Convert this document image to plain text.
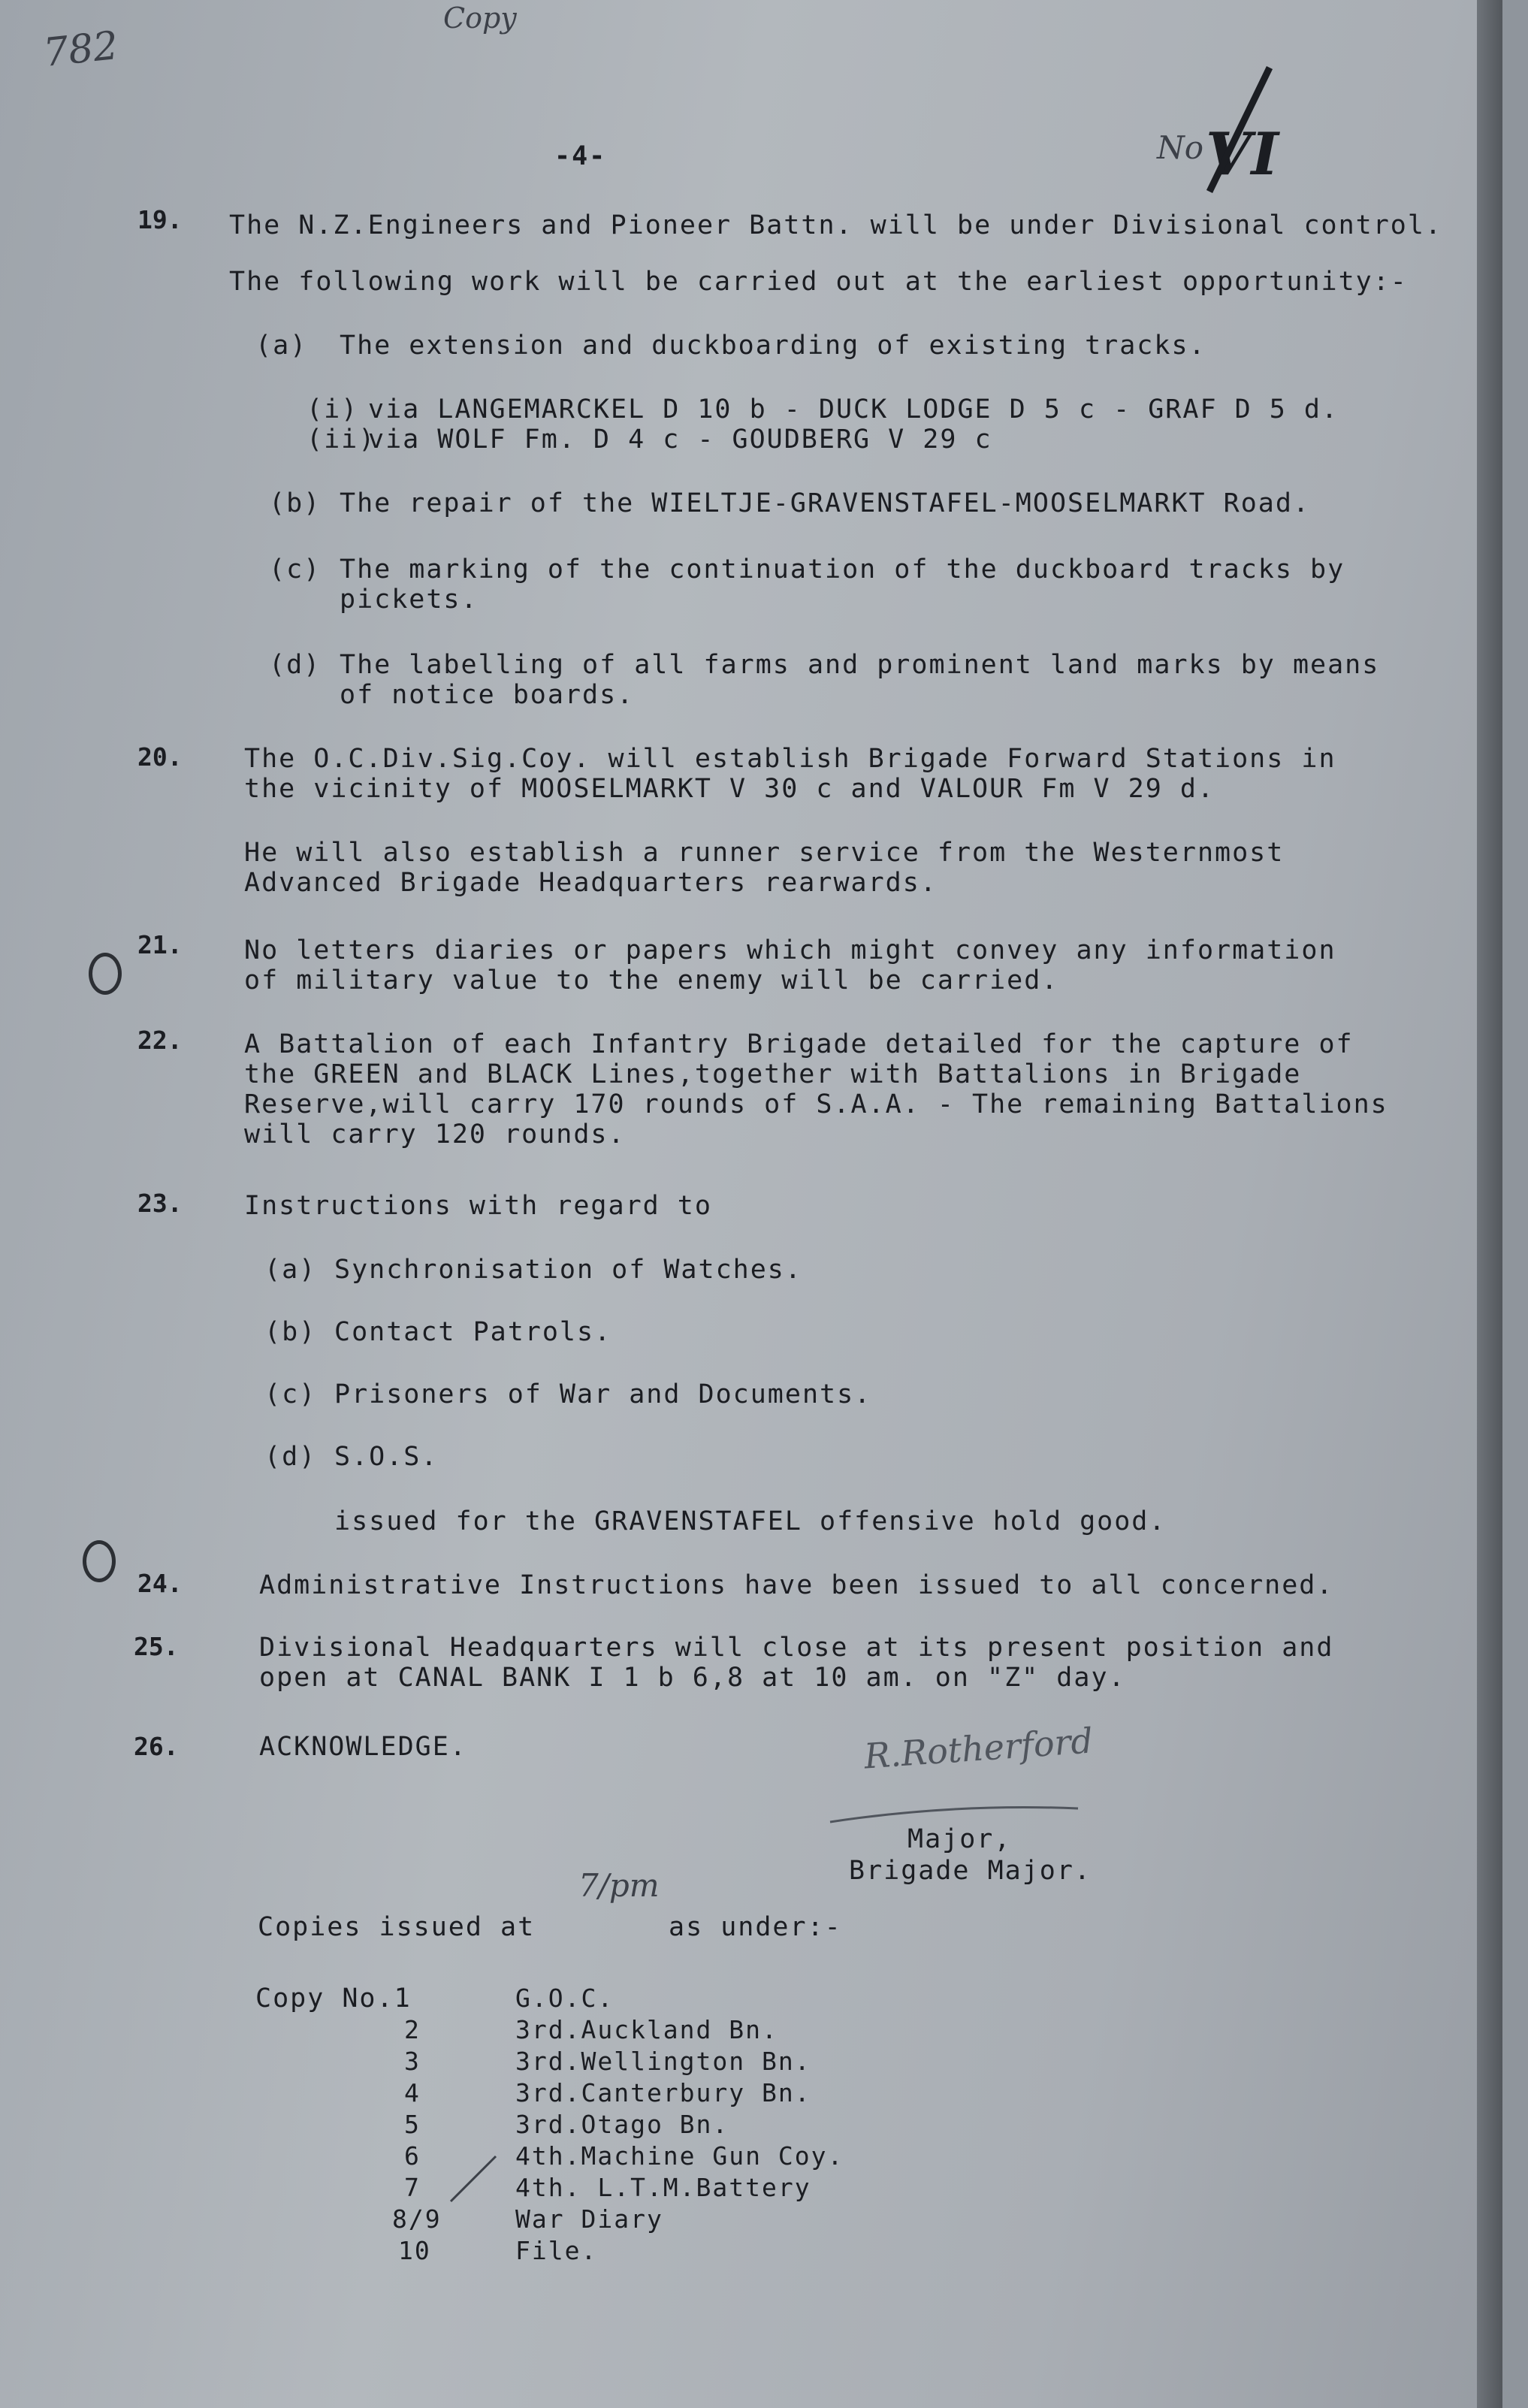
782
Copy
-4-	No VI
19. The N.Z.Engineers and Pioneer Battn. will be under Divisional control.
The following work will be carried out at the earliest opportunity:-
(a) The extension and duckboarding of existing tracks.
(i) via LANGEMARCKEL D 10 b - DUCK LODGE D 5 c - GRAF D 5 d.
(ii)
via WOLF Fm. D 4 c - GOUDBERG V 29 c
(b) The repair of the WIELTJE-GRAVENSTAFEL-MOOSELMARKT Road.
(c) The marking of the continuation of the duckboard tracks by
pickets.
(d) The labelling of all farms and prominent land marks by means
of notice boards.
20. The O.C.Div.Sig.Coy. will establish Brigade Forward Stations in
the vicinity of MOOSELMARKT V 30 c and VALOUR Fm V 29 d.
He will also establish a runner service from the Westernmost
Advanced Brigade Headquarters rearwards.
21. No letters diaries or papers which might convey any information
of military value to the enemy will be carried.
22. A Battalion of each Infantry Brigade detailed for the capture of
the GREEN and BLACK Lines,together with Battalions in Brigade
Reserve,will carry 170 rounds of S.A.A. - The remaining Battalions
will carry 120 rounds.
23. Instructions with regard to
(a) Synchronisation of Watches.
(b) Contact Patrols.
(c) Prisoners of War and Documents.
(d) S.O.S.
issued for the GRAVENSTAFEL offensive hold good.
24.	Administrative Instructions have been issued to all concerned.
25.	Divisional Headquarters will close at its present position and
open at CANAL BANK I 1 b 6,8 at 10 am. on "Z" day.
26.	ACKNOWLEDGE.	R.Rotherford
Major,
Brigade Major.
Copies issued at
7/pm
as under:-
Copy No.1	G.O.C.
2	3rd.Auckland Bn.
3	3rd.Wellington Bn.
4	3rd.Canterbury Bn.
5	3rd.Otago Bn.
6	4th.Machine Gun Coy.
7	4th. L.T.M.Battery
8/9	War Diary
10	File.
